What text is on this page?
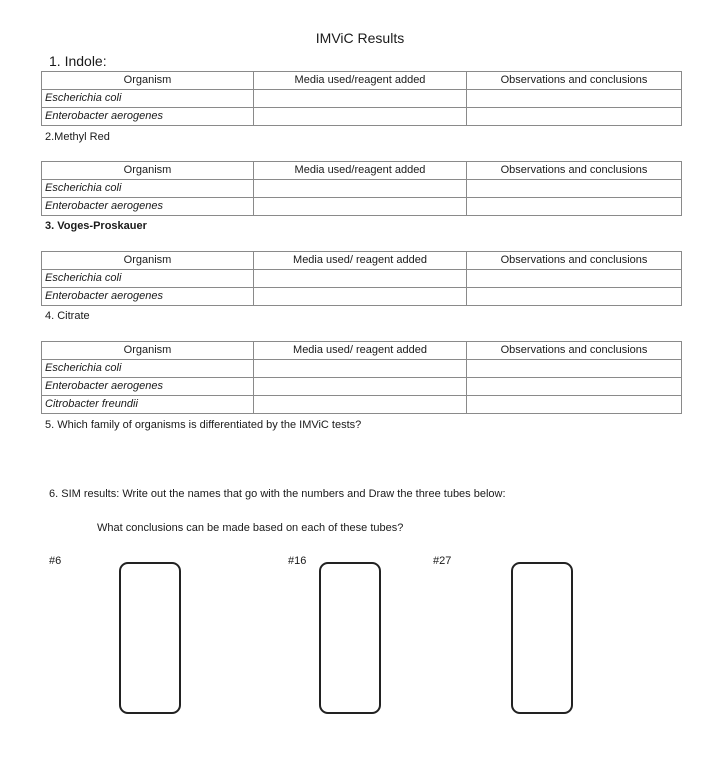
IMViC Results
1. Indole:
Organism	Media used/reagent added	Observations and conclusions
Escherichia coli		
Enterobacter aerogenes		
2.Methyl Red
Organism	Media used/reagent added	Observations and conclusions
Escherichia coli		
Enterobacter aerogenes		
3. Voges-Proskauer
Organism	Media used/ reagent added	Observations and conclusions
Escherichia coli		
Enterobacter aerogenes		
4. Citrate
Organism	Media used/ reagent added	Observations and conclusions
Escherichia coli		
Enterobacter aerogenes		
Citrobacter freundii		
5. Which family of organisms is differentiated by the IMViC tests?
6. SIM results: Write out the names that go with the numbers and Draw the three tubes below:
What conclusions can be made based on each of these tubes?
#6	#16	#27
